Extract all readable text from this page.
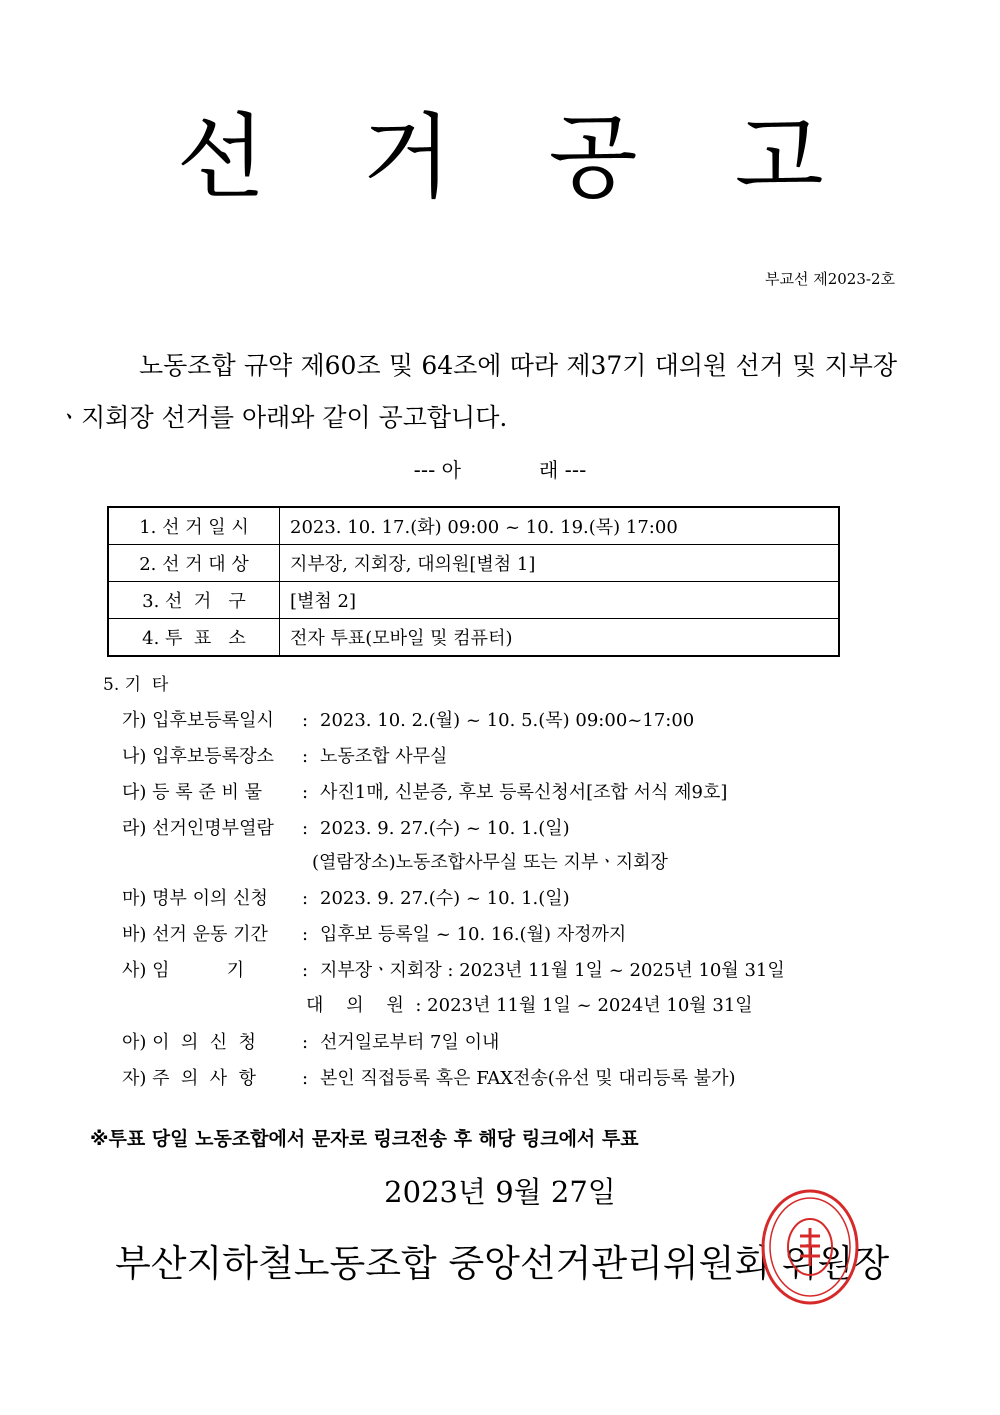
선 거 공 고
부교선 제2023-2호
노동조합 규약 제60조 및 64조에 따라 제37기 대의원 선거 및 지부장ㆍ지회장 선거를 아래와 같이 공고합니다.
--- 아	래 ---
1. 선 거 일 시	2023. 10. 17.(화) 09:00 ~ 10. 19.(목) 17:00
2. 선 거 대 상	지부장, 지회장, 대의원[별첨 1]
3. 선  거   구	[별첨 2]
4. 투  표   소	전자 투표(모바일 및 컴퓨터)
5. 기  타
가) 입후보등록일시 : 2023. 10. 2.(월) ~ 10. 5.(목) 09:00~17:00
나) 입후보등록장소 : 노동조합 사무실
다) 등 록 준 비 물 : 사진1매, 신분증, 후보 등록신청서[조합 서식 제9호]
라) 선거인명부열람 : 2023. 9. 27.(수) ~ 10. 1.(일)
(열람장소)노동조합사무실 또는 지부ㆍ지회장
마) 명부 이의 신청 : 2023. 9. 27.(수) ~ 10. 1.(일)
바) 선거 운동 기간 : 입후보 등록일 ~ 10. 16.(월) 자정까지
사) 임          기	: 지부장ㆍ지회장 : 2023년 11월 1일 ~ 2025년 10월 31일
대    의    원  : 2023년 11월 1일 ~ 2024년 10월 31일
아) 이  의  신  청	: 선거일로부터 7일 이내
자) 주  의  사  항	: 본인 직접등록 혹은 FAX전송(유선 및 대리등록 불가)
※투표 당일 노동조합에서 문자로 링크전송 후 해당 링크에서 투표
2023년 9월 27일
부산지하철노동조합 중앙선거관리위원회 위원장
